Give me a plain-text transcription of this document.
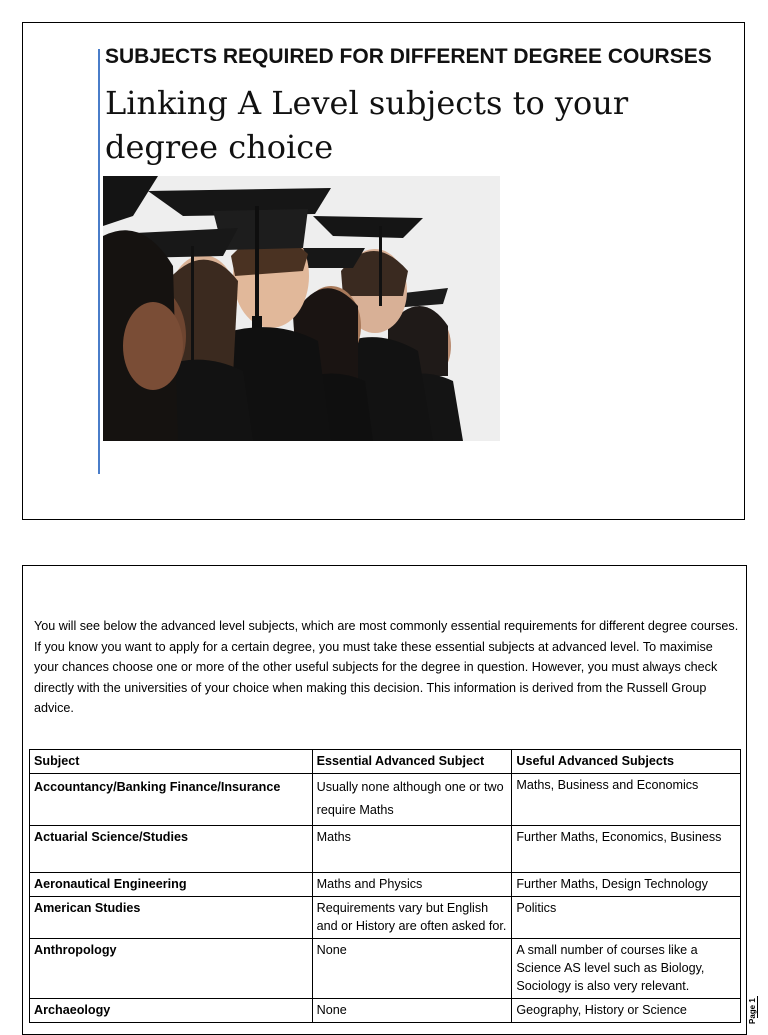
SUBJECTS REQUIRED FOR DIFFERENT DEGREE COURSES
Linking A Level subjects to your degree choice

You will see below the advanced level subjects, which are most commonly essential requirements for different degree courses. If you know you want to apply for a certain degree, you must take these essential subjects at advanced level. To maximise your chances choose one or more of the other useful subjects for the degree in question. However, you must always check directly with the universities of your choice when making this decision. This information is derived from the Russell Group advice.

Subject	Essential Advanced Subject	Useful Advanced Subjects
Accountancy/Banking Finance/Insurance	Usually none although one or two require Maths	Maths, Business and Economics
Actuarial Science/Studies	Maths	Further Maths, Economics, Business
Aeronautical Engineering	Maths and Physics	Further Maths, Design Technology
American Studies	Requirements vary but English and or History are often asked for.	Politics
Anthropology	None	A small number of courses like a Science AS level such as Biology, Sociology is also very relevant.
Archaeology	None	Geography, History or Science	Page 1
